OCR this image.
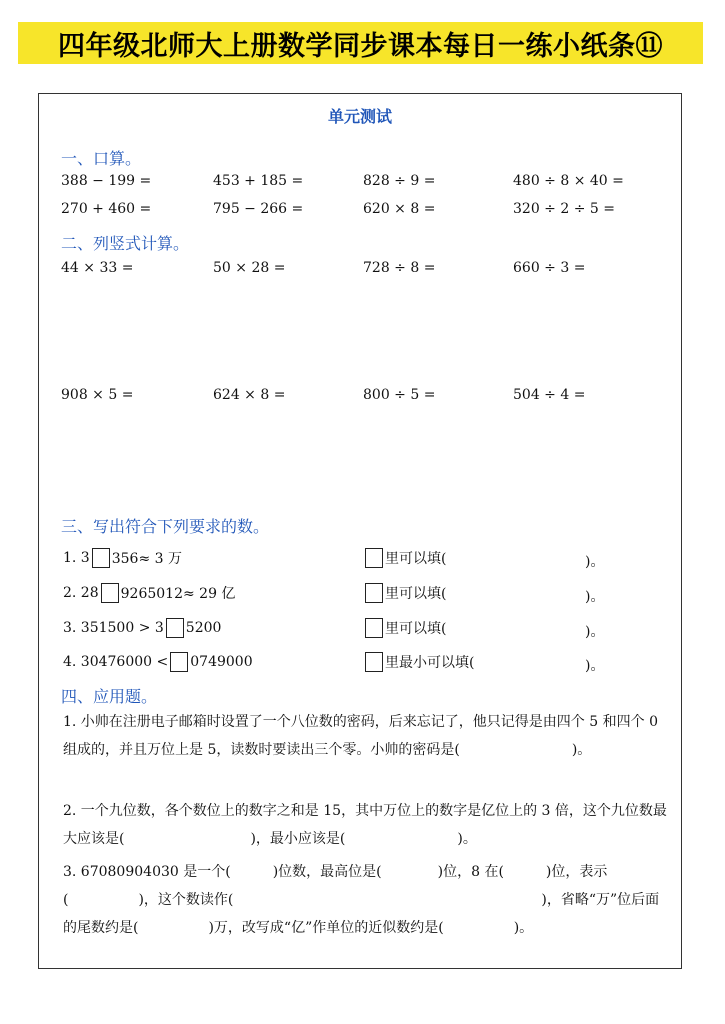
四年级北师大上册数学同步课本每日一练小纸条⑪
单元测试
一、口算。
388 − 199 =	453 + 185 =	828 ÷ 9 =	480 ÷ 8 × 40 =
270 + 460 =	795 − 266 =	620 × 8 =	320 ÷ 2 ÷ 5 =
二、列竖式计算。
44 × 33 =	50 × 28 =	728 ÷ 8 =	660 ÷ 3 =
908 × 5 =	624 × 8 =	800 ÷ 5 =	504 ÷ 4 =
三、写出符合下列要求的数。
1. 3 356≈ 3 万	里可以填(	)。
2. 28 9265012≈ 29 亿	里可以填(	)。
3. 351500 > 3 5200	里可以填(	)。
4. 30476000 < 0749000	里最小可以填(	)。
四、应用题。
1. 小帅在注册电子邮箱时设置了一个八位数的密码，后来忘记了，他只记得是由四个 5 和四个 0 组成的，并且万位上是 5，读数时要读出三个零。小帅的密码是(　　　　　　　　)。
2. 一个九位数，各个数位上的数字之和是 15，其中万位上的数字是亿位上的 3 倍，这个九位数最大应该是(　　　　　　　　　)，最小应该是(　　　　　　　　)。
3. 67080904030 是一个(　　　)位数，最高位是(　　　　)位，8 在(　　　)位，表示(　　　　　)，这个数读作(　　　　　　　　　　　　　　　　　　　　　　)，省略“万”位后面的尾数约是(　　　　　)万，改写成“亿”作单位的近似数约是(　　　　　)。
